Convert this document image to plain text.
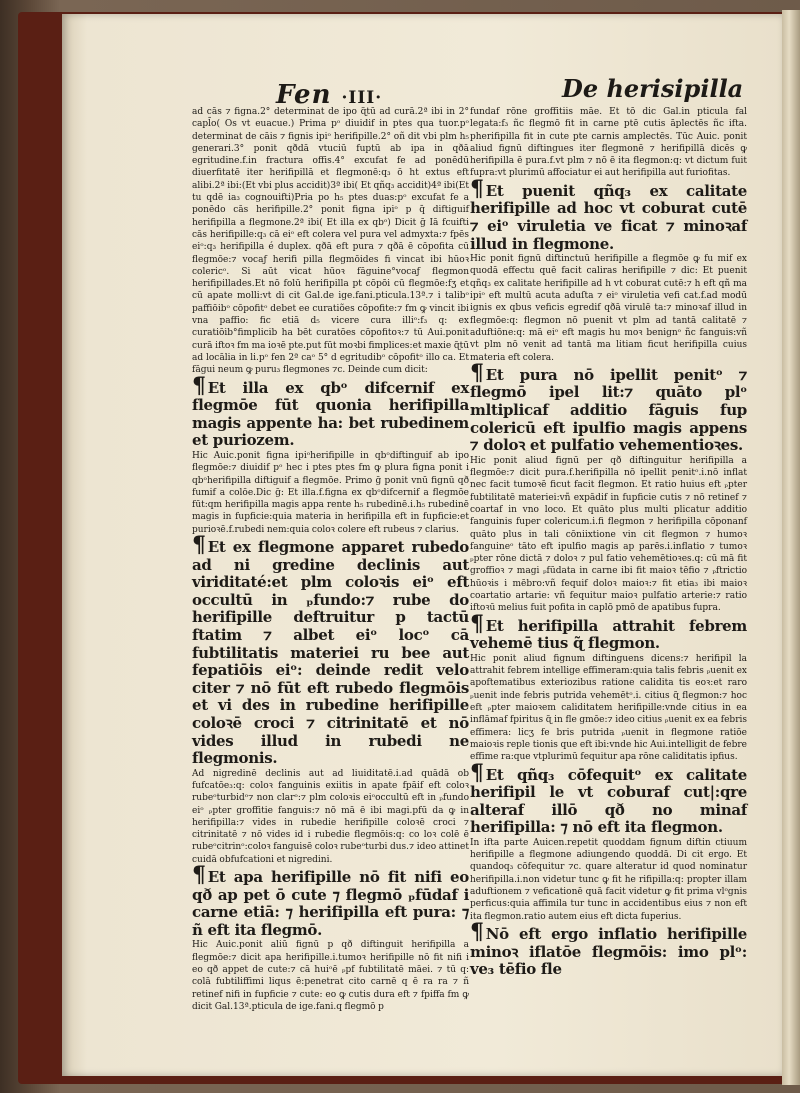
Fen ·III·	De herisipilla

ad cās ⁊ figna.2° determinat de ipo ɋ̃tū ad curā.2ª ibi in 2° capl̄o( Os vt euacue.) Prima pᵒ diuidif in ptes qua tuor.pᵒ determinat de cāis ⁊ fignis ipiᵒ herifipille.2° oñ dit vbi plm h₅ generari.3° ponit qðdā vtuciū fuptū ab ipa in qðā egritudine.f.in fractura offis.4° excufat fe ad ponēdū diuerfitatē iter herifipillā et flegmonē:q₃ ō ht extus eft alibi.2ª ibi:(Et vbi plus accidit)3ª ibi( Et qñq₃ accidit)4ª ibi(Et tu qdē ia₃ cognouifti)Pria po h₅ ptes duas:pᵒ excufat fe a ponēdo cās herifipille.2° ponit figna ipiᵒ p q̄ diftiguif herifipilla a flegmone.2ª ibi( Et illa ex qbᵒ) Dicit ḡ Iā fcuifti cās herifipille:q₃ cā eiᵒ eft colera vel pura vel admyxta:⁊ fpēs eiᵒ:q₃ herifipilla é duplex. qðā eft pura ⁊ qðā ē cōpofita cū flegmōe:⁊ vocaƒ herifi pilla flegmōides fi vincat ibi hūoꝛ colericᵒ. Si aūt vicat hūoꝛ fāguine°vocaƒ flegmon herifipillades.Et nō folū herifipilla pt cōpōi cū flegmōe:fʒ et cū apate molli:vt di cit Gal.de ige.fani.pticula.13ª.⁊ i talibᵒ paffiōibᵒ cōpofitᵒ debet ee curatiões cōpofite:⁊ fm ꝙ vincit ibi vna paffio: fic etiā d₅ vicere cura illiᵒ:f₃ q: ex curatiōib°fimplicib ha bēt curatōes cōpofitoꝛ:⁊ tū Aui.ponit curā iftoꝛ fm ma ioꝛē pte.put fūt moꝛbi fimplices:et maxie ɋ̃tū ad locālia in li.pᵒ fen 2ª caᵒ 5° d egritudibᵒ cōpofitᵒ illo ca. Et fāgui neum ꝙ puru₃ flegmones ⁊c. Deinde cum dicit:

¶ Et illa ex qbᵒ difcernif ex flegmōe fūt quonia herifipilla magis appente ha: bet rubedinem et puriozem.

Hic Auic.ponit figna ipiᵒherifipille in qbᵒdiftinguif ab ipo flegmōe:⁊ diuidif pᵒ hec i ptes ptes fm ꝙ plura figna ponit i qbᵒherifipilla diftiguif a flegmōe. Primo ḡ ponit vnū fignū qð fumif a colōe.Dic ḡ: Et illa.f.figna ex qbᵒdifcernif a flegmōe fūt:qm herifipilla magis appa rente h₅ rubedinē.i.h₅ rubedinē magis in fupficie:quia materia in herifipilla eft in fupficie:et purioꝛē.f.rubedi nem:quia coloꝛ colere eft rubeus ⁊ clarius.

¶ Et ex flegmone apparet rubedo ad ni gredine declinis aut viriditaté:et plm coloꝛis eiᵒ eft occultū in ₚfundo:⁊ rube do herifipille deftruitur p tactū ftatim ⁊ albet eiᵒ locᵒ cā fubtilitatis materiei ru bee aut fepatiōis eiᵒ: deinde redit velo citer ⁊ nō fūt eft rubedo flegmōis et vi des in rubedine herifipille coloꝛē croci ⁊ citrinitatē et nō vides illud in rubedi ne flegmonis.

Ad nigredinē declinis aut ad liuiditatē.i.ad quādā ob fufcatōe₃:q: coloꝛ fanguinis exiitis in apate fpāif eft coloꝛ rubeᵒturbidᵒ⁊ non clarᵒ:⁊ plm coloꝛis eiᵒoccultū eft in ₚfundo eiᵒ ₚpter groffitie fanguis:⁊ nō mā ē ibi magi.pfū da ꝙ in herifipilla:⁊ vides in rubedie herifipille coloꝛē croci ⁊ citrinitatē ⁊ nō vides id i rubedie flegmōis:q: co loꝛ colē ē rubeᵒcitrinᵒ:coloꝛ fanguisē coloꝛ rubeᵒturbi dus.⁊ ideo attinet cuidā obfufcationi et nigredini.

¶ Et apa herifipille nō fit nifi eo qð ap pet ō cute ⁊ flegmō ₚfūdaf i carne etiā: ⁊ herifipilla eft pura: ⁊ ñ eft ita flegmō.

Hic Auic.ponit aliū fignū p qð diftinguit herifipilla a flegmōe:⁊ dicit apa herifipille.i.tumoꝛ herifipille nō fit nifi i eo qð appet de cute:⁊ cā huiᵒē ₚpf fubtilitatē māei. ⁊ tū q: colā fubtiliffimi liqus ē:penetrat cito carnē q ē ra ra ⁊ ñ retinef nifi in fupficie ⁊ cute: eo ꝙ cutis dura eft ⁊ fpiffa fm ꝙ dicit Gal.13ª.pticula de ige.fani.q flegmō p

fundaf rōne groffitiis māe. Et tō dic Gal.in pticula fal legata:f₃ ñc flegmō fit in carne ptē cutis āplectēs ñc ifta. pherifipilla fit in cute pte carnis amplectēs. Tūc Auic. ponit aliud fignū diftingues iter flegmonē ⁊ herifipillā dicēs ꝙ herifipilla ē pura.f.vt plm ⁊ nō ē ita flegmon:q: vt dictum fuit fupra:vt plurimū affociatur ei aut herifipilla aut furiofitas.

¶ Et puenit qñq₃ ex calitate herifipille ad hoc vt coburat cutē ⁊ eiᵒ viruletia ve ficat ⁊ minoꝛaf illud in flegmone.

Hic ponit fignū diftinctuū herifipille a flegmōe ꝙ fu mif ex quodā effectu quē facit caliras herifipille ⁊ dic: Et puenit qñq₃ ex calitate herifipille ad h vt coburat cutē:⁊ h eft qñ ma ipiᵒ eft multū acuta aduſta ⁊ eiᵒ viruletia vefi cat.f.ad modū ignis ex qbus veficis egredif qðā virulē ta:⁊ minoꝛaf illud in flegmōe:q: flegmon nō puenit vt plm ad tantā calitatē ⁊ aduftiōne:q: mā eiᵒ eft magis hu moꝛ benignᵒ ñc fanguis:vñ vt plm nō venit ad tantā ma litiam ficut herifipilla cuius materia eft colera.

¶ Et pura nō ipellit penitᵒ ⁊ flegmō ipel lit:⁊ quāto plᵒ mltiplicaf additio fāguis fup colericū eft ipulfio magis appens ⁊ doloꝛ et pulfatio vehementioꝛes.

Hic ponit aliud fignū per qð diftinguitur herifipilla a flegmōe:⁊ dicit pura.f.herifipilla nō ipellit penitᵒ.i.nō inflat nec facit tumoꝛē ficut facit flegmon. Et ratio huius eft ₚpter fubtilitatē materiei:vñ expādif in fupficie cutis ⁊ nō retinef ⁊ coartaf in vno loco. Et quāto plus multi plicatur additio fanguinis fuper colericum.i.fi flegmon ⁊ herifipilla cōponanf quāto plus in tali cōniixtione vin cit flegmon ⁊ humoꝛ fanguineᵒ tāto eft ipulfio magis ap parēs.i.inflatio ⁊ tumoꝛ ₚpter rōne dictā ⁊ doloꝛ ⁊ pul fatio vehemētioꝛes.q: cū mā fit groffioꝛ ⁊ magi ₚfūdata in carne ibi fit maioꝛ tēfio ⁊ ₚftrictio hūoꝛis i mēbro:vñ fequif doloꝛ maioꝛ:⁊ fit etia₃ ibi maioꝛ coartatio artarie: vñ fequitur maioꝛ pulfatio arterie:⁊ ratio iftoꝛū melius fuit pofita in caplō pmō de apatibus fupra.

¶ Et herifipilla attrahit febrem vehemē tius ɋ̃ flegmon.

Hic ponit aliud fignum diftinguens dicens:⁊ herifipil la attrahit febrem intellige effimeram:quia talis febris ₚuenit ex apoftematibus exteriozibus ratione calidita tis eoꝛ:et raro ₚuenit inde febris putrida vehemētᵒ.i. citius ɋ̃ flegmon:⁊ hoc eft ₚpter maioꝛem caliditatem herifipille:vnde citius in ea inflāmaf fpiritus ɋ̃ in fle gmōe:⁊ ideo citius ₚuenit ex ea febris effimera: licʒ fe bris putrida ₚuenit in flegmone ratiōe maioꝛis reple tionis que eft ibi:vnde hic Aui.intelligit de febre effime ra:que vtplurimū fequitur apa rōne caliditatis ipfius.

¶ Et qñq₃ cōfequitᵒ ex calitate herifipil le vt coburaf cut|:qre alteraf illō qð no minaf herifipilla: ⁊ nō eft ita flegmon.

In ifta parte Auicen.repetit quoddam fignum diftin ctiuum herifipille a flegmone adiungendo quoddā. Di cit ergo. Et quandoq₃ cōfequitur ⁊c. quare alteratur id quod nominatur herifipilla.i.non videtur tunc ꝙ fit he rifipilla:q: propter illam aduftionem ⁊ veficationē quā facit videtur ꝙ fit prima vlᵒgnis perficus:quia affimila tur tunc in accidentibus eius ⁊ non eft ita flegmon.ratio autem eius eft dicta fuperius.

¶ Nō eft ergo inflatio herifipille minoꝛ iflatōe flegmōis: imo plᵒ: ve₃ tēfio fle
